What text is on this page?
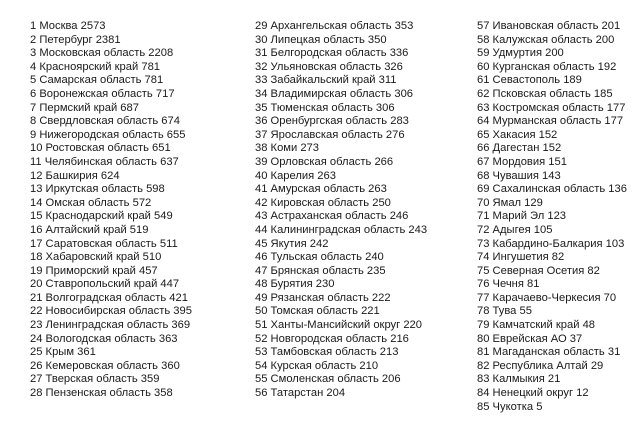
1 Москва 2573
2 Петербург 2381
3 Московская область 2208
4 Красноярский край 781
5 Самарская область 781
6 Воронежская область 717
7 Пермский край 687
8 Свердловская область 674
9 Нижегородская область 655
10 Ростовская область 651
11 Челябинская область 637
12 Башкирия 624
13 Иркутская область 598
14 Омская область 572
15 Краснодарский край 549
16 Алтайский край 519
17 Саратовская область 511
18 Хабаровский край 510
19 Приморский край 457
20 Ставропольский край 447
21 Волгоградская область 421
22 Новосибирская область 395
23 Ленинградская область 369
24 Вологодская область 363
25 Крым 361
26 Кемеровская область 360
27 Тверская область 359
28 Пензенская область 358
29 Архангельская область 353
30 Липецкая область 350
31 Белгородская область 336
32 Ульяновская область 326
33 Забайкальский край 311
34 Владимирская область 306
35 Тюменская область 306
36 Оренбургская область 283
37 Ярославская область 276
38 Коми 273
39 Орловская область 266
40 Карелия 263
41 Амурская область 263
42 Кировская область 250
43 Астраханская область 246
44 Калининградская область 243
45 Якутия 242
46 Тульская область 240
47 Брянская область 235
48 Бурятия 230
49 Рязанская область 222
50 Томская область 221
51 Ханты-Мансийский округ 220
52 Новгородская область 216
53 Тамбовская область 213
54 Курская область 210
55 Смоленская область 206
56 Татарстан 204
57 Ивановская область 201
58 Калужская область 200
59 Удмуртия 200
60 Курганская область 192
61 Севастополь 189
62 Псковская область 185
63 Костромская область 177
64 Мурманская область 177
65 Хакасия 152
66 Дагестан 152
67 Мордовия 151
68 Чувашия 143
69 Сахалинская область 136
70 Ямал 129
71 Марий Эл 123
72 Адыгея 105
73 Кабардино-Балкария 103
74 Ингушетия 82
75 Северная Осетия 82
76 Чечня 81
77 Карачаево-Черкесия 70
78 Тува 55
79 Камчатский край 48
80 Еврейская АО 37
81 Магаданская область 31
82 Республика Алтай 29
83 Калмыкия 21
84 Ненецкий округ 12
85 Чукотка 5
